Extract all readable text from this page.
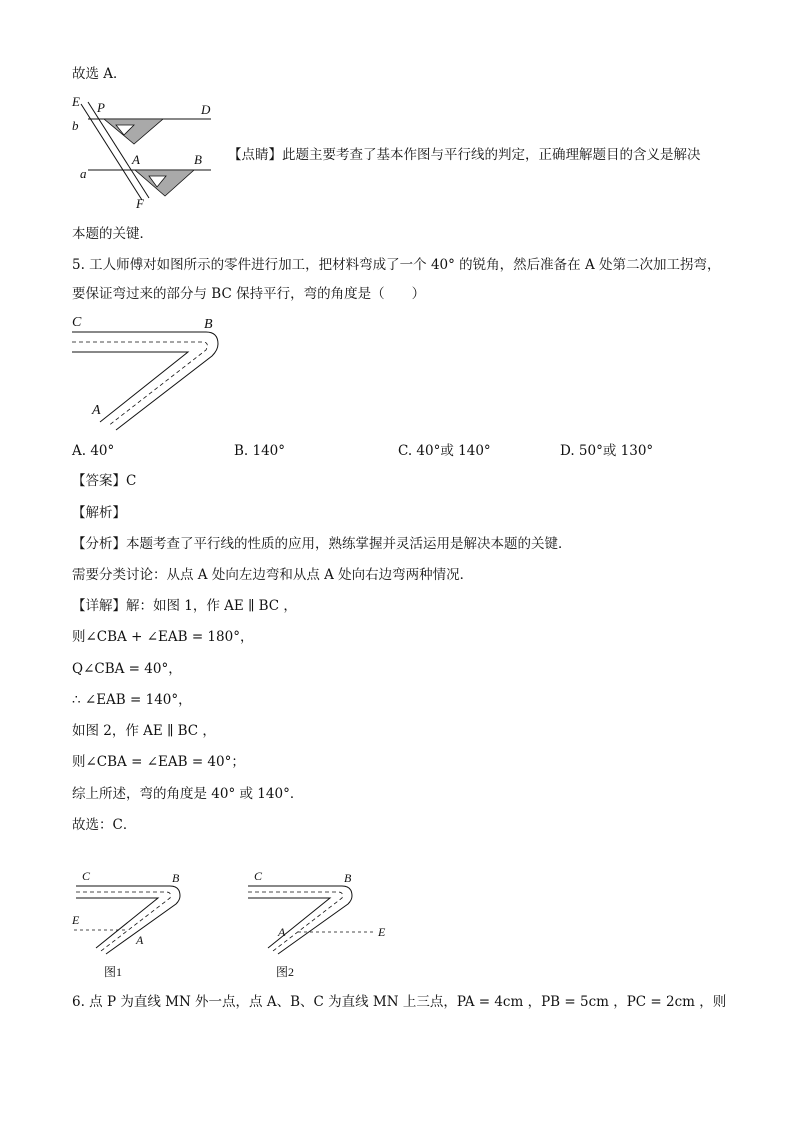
故选 A．
E P	D
b
A	B
a
F
【点睛】此题主要考查了基本作图与平行线的判定，正确理解题目的含义是解决
本题的关键．
5. 工人师傅对如图所示的零件进行加工，把材料弯成了一个 40° 的锐角，然后准备在 A 处第二次加工拐弯，
要保证弯过来的部分与 BC 保持平行，弯的角度是（　　）
C	B
A
A. 40°	B. 140°	C. 40°或 140°	D. 50°或 130°
【答案】C
【解析】
【分析】本题考查了平行线的性质的应用，熟练掌握并灵活运用是解决本题的关键．
需要分类讨论：从点 A 处向左边弯和从点 A 处向右边弯两种情况．
【详解】解：如图 1，作 AE ∥ BC ，
则∠CBA + ∠EAB = 180°，
Q∠CBA = 40°，
∴ ∠EAB = 140°，
如图 2，作 AE ∥ BC ，
则∠CBA = ∠EAB = 40°；
综上所述，弯的角度是 40° 或 140°．
故选：C．
C	B
E
A
图1
C	B
A	E
图2
6. 点 P 为直线 MN 外一点，点 A、B、C 为直线 MN 上三点，PA = 4cm ，PB = 5cm ，PC = 2cm ，则
